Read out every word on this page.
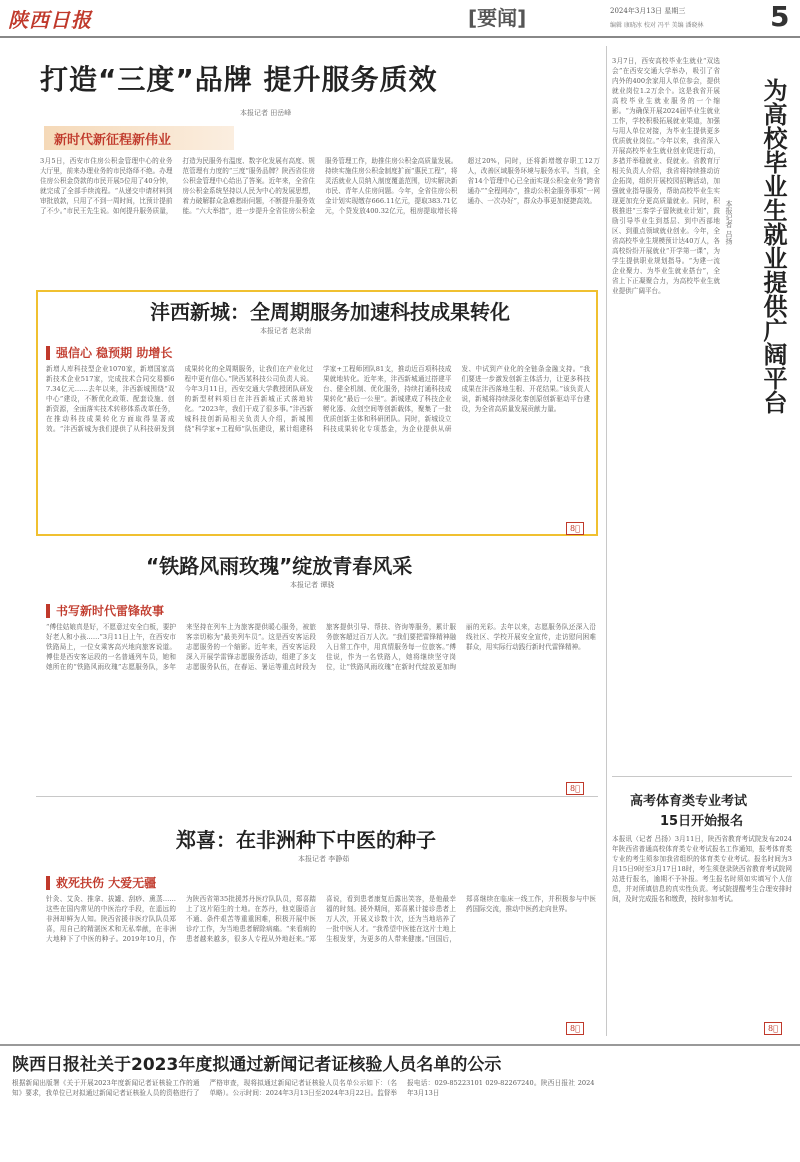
陕西日报	[要闻]	2024年3月13日 星期三
编辑 康晓冰 校对 冯平 美编 潘晓林 5
打造“三度”品牌 提升服务质效
本报记者 田岳峰
新时代新征程新伟业
3月5日，西安市住房公积金管理中心的业务大厅里，前来办理业务的市民络绎不绝。办理住房公积金贷款的市民开展5位用了40分钟，就完成了全部手续流程。“从递交申请材料到审批放款，只用了不到一周时间，比预计提前了不少。”市民王先生说。如何提升服务质量，打造为民服务有温度、数字化发展有高度、规范管理有力度的“三度”服务品牌？陕西省住房公积金管理中心给出了答案。近年来，全省住房公积金系统坚持以人民为中心的发展思想，着力破解群众急难愁盼问题，不断提升服务效能。“六大举措”，进一步提升全省住房公积金服务管理工作，助推住房公积金高质量发展。持续实施住房公积金制度扩面“惠民工程”，将灵活就业人员纳入制度覆盖范围，切实解决新市民、青年人住房问题。今年，全省住房公积金计划实现缴存666.11亿元，提取383.71亿元，个贷发放400.32亿元，租房提取增长将超过20%，同时，还将新增缴存职工12万人，改善区域服务环境与服务水平。当前，全省14个管理中心已全面实现公积金业务“跨省通办”“全程网办”，推动公积金服务事项“一网通办、一次办好”，群众办事更加便捷高效。	为高校毕业生就业提供广阔平台
本报记者 吕扬
3月7日，西安高校毕业生就业“双选会”在西安交通大学举办，吸引了省内外的400余家用人单位参会，提供就业岗位1.2万余个。这是我省开展高校毕业生就业服务的一个缩影。“为确保开展2024届毕业生就业工作，学校积极拓展就业渠道，加强与用人单位对接，为毕业生提供更多优质就业岗位。”今年以来，我省深入开展高校毕业生就业创业促进行动，多措并举稳就业、促就业。省教育厅相关负责人介绍，我省将持续推动访企拓岗，组织开展校园招聘活动，加强就业指导服务，帮助高校毕业生实现更加充分更高质量就业。同时，积极推进“三秦学子留陕就业计划”，鼓励引导毕业生到基层、到中西部地区、到重点领域就业创业。今年，全省高校毕业生规模预计达40万人，各高校纷纷开展就业“开学第一课”，为学生提供职业规划指导。“为建一流企业聚力、为毕业生就业搭台”，全省上下正凝聚合力，为高校毕业生就业提供广阔平台。
沣西新城：全周期服务加速科技成果转化
本报记者 赵录南
强信心 稳预期 助增长
新增人库科技型企业1070家，新增国家高新技术企业517家，完成技术合同交易额67.34亿元……去年以来，沣西新城围绕“双中心”建设，不断优化政策、配套设施、创新资源，全面落实技术转移体系改革任务，在推动科技成果转化方面取得显著成效。“沣西新城为我们提供了从科技研发到成果转化的全周期服务，让我们在产业化过程中更有信心。”陕西某科技公司负责人说。今年3月11日，西安交通大学教授团队研发的新型材料项目在沣西新城正式落地转化。“2023年，我们干成了很多事。”沣西新城科技创新局相关负责人介绍，新城围绕“科学家+工程师”队伍建设，累计组建科学家+工程师团队81支，推动近百项科技成果就地转化。近年来，沣西新城通过搭建平台、健全机制、优化服务，持续打通科技成果转化“最后一公里”。新城建成了科技企业孵化器、众创空间等创新载体，聚集了一批优质创新主体和科研团队。同时，新城设立科技成果转化专项基金，为企业提供从研发、中试到产业化的全链条金融支持。“我们要进一步激发创新主体活力，让更多科技成果在沣西落地生根、开花结果。”该负责人说，新城将持续深化秦创原创新驱动平台建设，为全省高质量发展贡献力量。
8⃝
“铁路风雨玫瑰”绽放青春风采
本报记者 谭骁
书写新时代雷锋故事
“傅佳姑娘真是好，不愿意过安全白板，要护好老人和小孩……”3月11日上午，在西安市铁路局上，一位女乘客高兴地向旅客说道。傅佳是西安客运段的一名普通列车员，她和她所在的“铁路风雨玫瑰”志愿服务队，多年来坚持在列车上为旅客提供暖心服务，被旅客亲切称为“最美列车员”。这是西安客运段志愿服务的一个缩影。近年来，西安客运段深入开展学雷锋志愿服务活动，组建了多支志愿服务队伍，在春运、暑运等重点时段为旅客提供引导、帮扶、咨询等服务，累计服务旅客超过百万人次。“我们要把雷锋精神融入日常工作中，用真情服务每一位旅客。”傅佳说，作为一名铁路人，她将继续坚守岗位，让“铁路风雨玫瑰”在新时代绽放更加绚丽的光彩。去年以来，志愿服务队还深入沿线社区、学校开展安全宣传，走访慰问困难群众，用实际行动践行新时代雷锋精神。
8⃝
郑喜：在非洲种下中医的种子
本报记者 李静茹
救死扶伤 大爱无疆
针灸、艾灸、推拿、拔罐、刮痧、熏蒸……这些在国内常见的中医治疗手段，在遥远的非洲却鲜为人知。陕西省援非医疗队队员郑喜，用自己的精湛医术和无私奉献，在非洲大地种下了中医的种子。2019年10月，作为陕西省第35批援苏丹医疗队队员，郑喜踏上了这片陌生的土地。在苏丹，他克服语言不通、条件艰苦等重重困难，积极开展中医诊疗工作，为当地患者解除病痛。“来看病的患者越来越多，很多人专程从外地赶来。”郑喜说，看到患者康复后露出笑容，是他最幸福的时刻。援外期间，郑喜累计接诊患者上万人次，开展义诊数十次，还为当地培养了一批中医人才。“我希望中医能在这片土地上生根发芽，为更多的人带来健康。”回国后，郑喜继续在临床一线工作，并积极参与中医药国际交流，推动中医药走向世界。
8⃝
高考体育类专业考试
15日开始报名
本报讯（记者 吕扬）3月11日，陕西省教育考试院发布2024年陕西省普通高校体育类专业考试报名工作通知，报考体育类专业的考生须参加我省组织的体育类专业考试。报名时间为3月15日9时至3月17日18时，考生须登录陕西省教育考试院网站进行报名，逾期不予补报。考生报名时须如实填写个人信息，并对所填信息的真实性负责。考试院提醒考生合理安排时间，及时完成报名和缴费，按时参加考试。
8⃝
陕西日报社关于2023年度拟通过新闻记者证核验人员名单的公示
根据新闻出版署《关于开展2023年度新闻记者证核验工作的通知》要求，我单位已对拟通过新闻记者证核验人员的资格进行了严格审查，现将拟通过新闻记者证核验人员名单公示如下：（名单略）。公示时间：2024年3月13日至2024年3月22日。监督举报电话：029-85223101 029-82267240。陕西日报社 2024年3月13日
